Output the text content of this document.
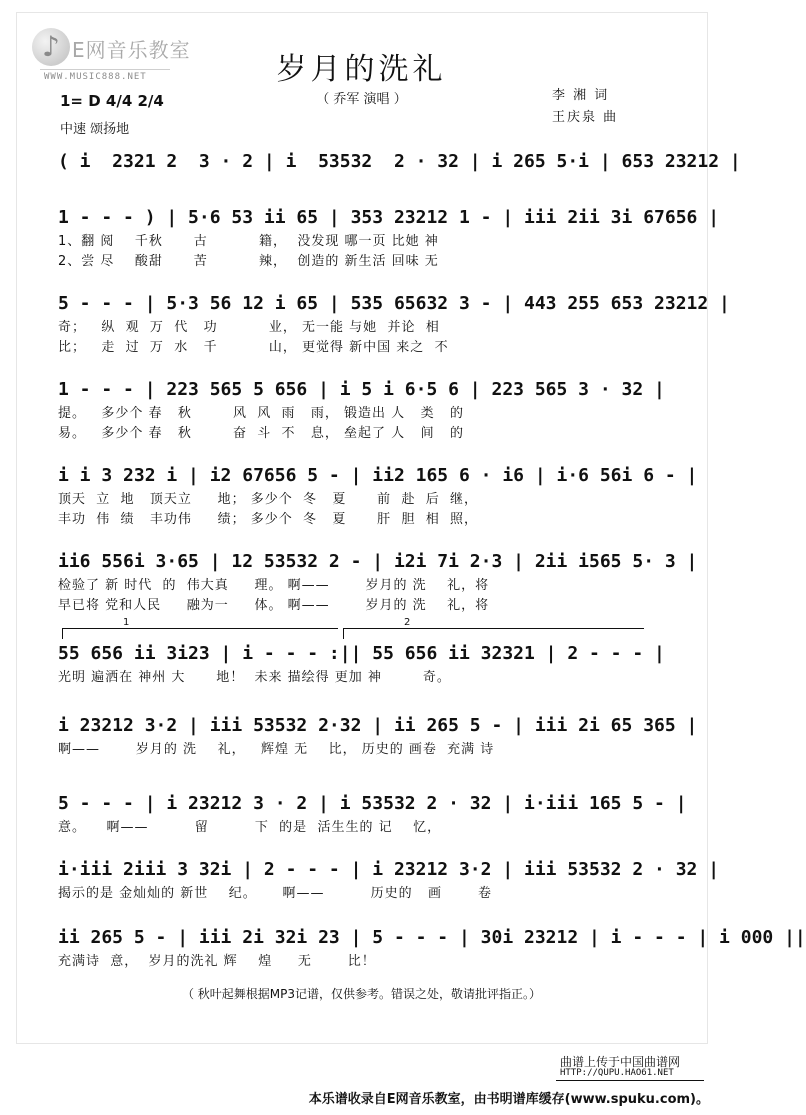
♪ E网音乐教室
WWW.MUSIC888.NET	岁月的洗礼
（ 乔军 演唱 ）	李 湘 词
王庆泉 曲
1= D 4/4 2/4
中速 颂扬地
( i  2321 2  3 · 2 | i  53532  2 · 32 | i 265 5·i | 653 23212 |
1 - - - ) | 5·6 53 ii 65 | 353 23212 1 - | iii 2ii 3i 67656 |
1、翻 阅    千秋      古          籍，  没发现 哪一页 比她 神
2、尝 尽    酸甜      苦          辣，  创造的 新生活 回味 无
5 - - - | 5·3 56 12 i 65 | 535 65632 3 - | 443 255 653 23212 |
奇；   纵  观  万  代   功          业， 无一能 与她  并论  相
比；   走  过  万  水   千          山， 更觉得 新中国 来之  不
1 - - - | 223 565 5 656 | i 5 i 6·5 6 | 223 565 3 · 32 |
提。   多少个 春   秋        风  风  雨   雨， 锻造出 人   类   的
易。   多少个 春   秋        奋  斗  不   息， 垒起了 人   间   的
i i 3 232 i | i2 67656 5 - | ii2 165 6 · i6 | i·6 56i 6 - |
顶天  立  地   顶天立     地； 多少个  冬   夏      前  赴  后  继，
丰功  伟  绩   丰功伟     绩； 多少个  冬   夏      肝  胆  相  照，
ii6 556i 3·65 | 12 53532 2 - | i2i 7i 2·3 | 2ii i565 5· 3 |
检验了 新 时代  的  伟大真     理。 啊——       岁月的 洗    礼，将
早已将 党和人民     融为一     体。 啊——       岁月的 洗    礼，将
55 656 ii 3i23 | i - - - :|| 55 656 ii 32321 | 2 - - - |
光明 遍洒在 神州 大      地！  未来 描绘得 更加 神        奇。
i 23212 3·2 | iii 53532 2·32 | ii 265 5 - | iii 2i 65 365 |
啊——       岁月的 洗    礼，   辉煌 无    比， 历史的 画卷  充满 诗
5 - - - | i 23212 3 · 2 | i 53532 2 · 32 | i·iii 165 5 - |
意。    啊——         留         下  的是  活生生的 记    忆，
i·iii 2iii 3 32i | 2 - - - | i 23212 3·2 | iii 53532 2 · 32 |
揭示的是 金灿灿的 新世    纪。     啊——         历史的   画       卷
ii 265 5 - | iii 2i 32i 23 | 5 - - - | 30i 23212 | i - - - | i 000 ||
充满诗  意，  岁月的洗礼 辉    煌     无       比！
1	2
（ 秋叶起舞根据MP3记谱，仅供参考。错误之处，敬请批评指正。）
曲谱上传于中国曲谱网
HTTP://QUPU.HAO61.NET
本乐谱收录自E网音乐教室，由书明谱库缓存(www.spuku.com)。
